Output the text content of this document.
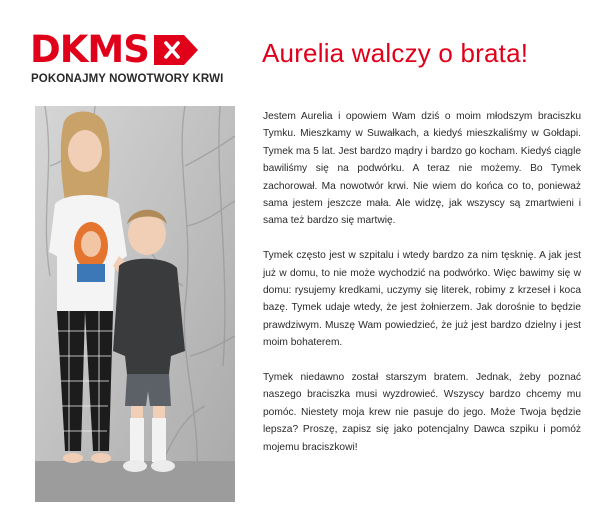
DKMS
POKONAJMY NOWOTWORY KRWI
Aurelia walczy o brata!

Jestem Aurelia i opowiem Wam dziś o moim młodszym braciszku Tymku. Mieszkamy w Suwałkach, a kiedyś mieszkaliśmy w Gołdapi. Tymek ma 5 lat. Jest bardzo mądry i bardzo go kocham. Kiedyś ciągle bawiliśmy się na podwórku. A teraz nie możemy. Bo Tymek zachorował. Ma nowotwór krwi. Nie wiem do końca co to, ponieważ sama jestem jeszcze mała. Ale widzę, jak wszyscy są zmartwieni i sama też bardzo się martwię.

Tymek często jest w szpitalu i wtedy bardzo za nim tęsknię. A jak jest już w domu, to nie może wychodzić na podwórko. Więc bawimy się w domu: rysujemy kredkami, uczymy się literek, robimy z krzeseł i koca bazę. Tymek udaje wtedy, że jest żołnierzem. Jak dorośnie to będzie prawdziwym. Muszę Wam powiedzieć, że już jest bardzo dzielny i jest moim bohaterem.

Tymek niedawno został starszym bratem. Jednak, żeby poznać naszego braciszka musi wyzdrowieć. Wszyscy bardzo chcemy mu pomóc. Niestety moja krew nie pasuje do jego. Może Twoja będzie lepsza? Proszę, zapisz się jako potencjalny Dawca szpiku i pomóż mojemu braciszkowi!
